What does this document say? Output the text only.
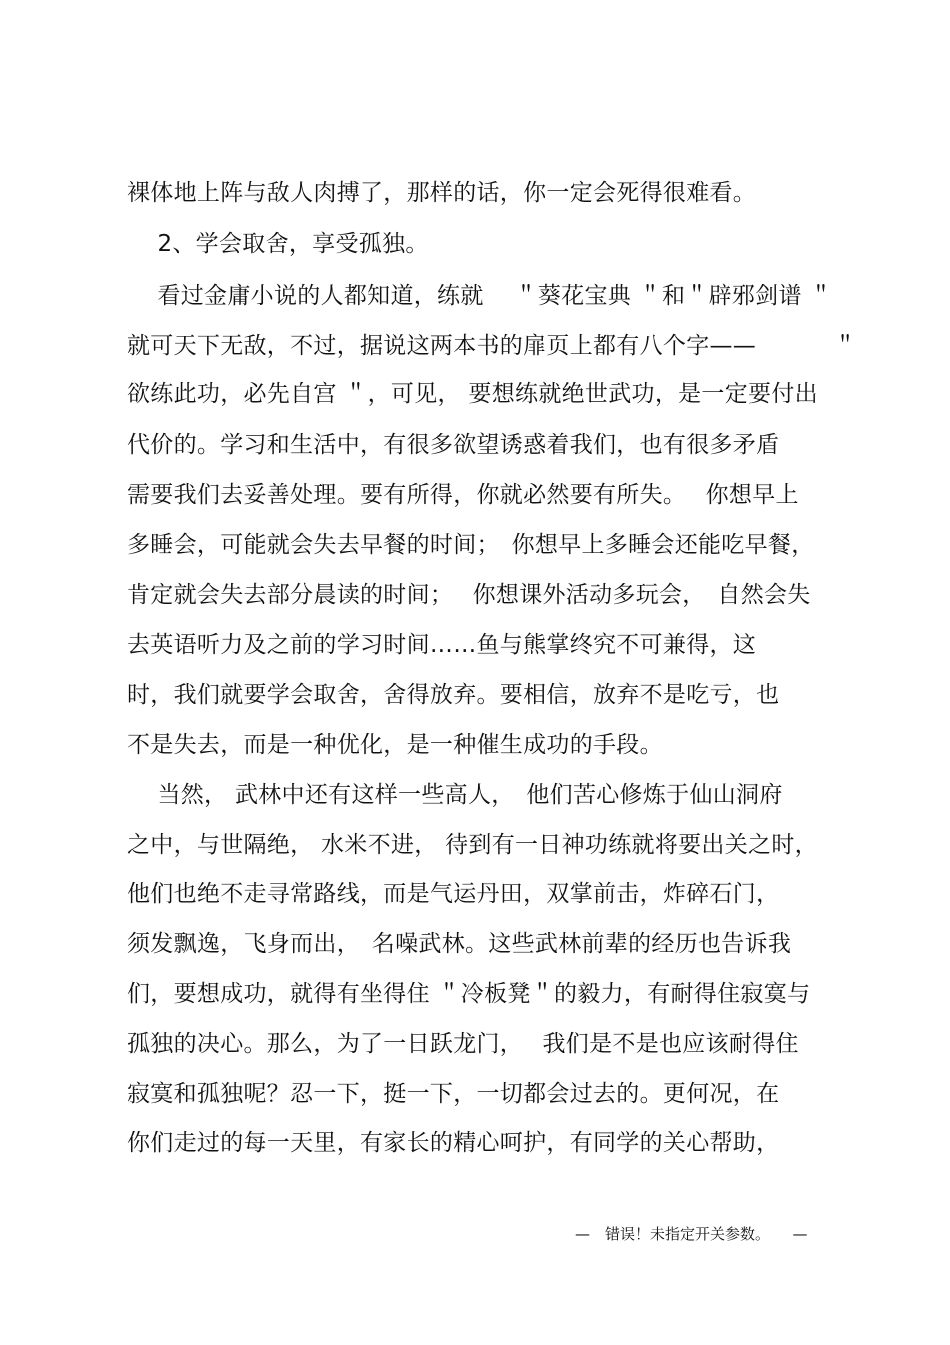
裸体地上阵与敌人肉搏了，那样的话，你一定会死得很难看。
2、学会取舍，享受孤独。
看过金庸小说的人都知道，练就　 ＂葵花宝典 ＂和＂辟邪剑谱 ＂
就可天下无敌，不过，据说这两本书的扉页上都有八个字——　　　 ＂
欲练此功，必先自宫 ＂，可见， 要想练就绝世武功，是一定要付出
代价的。学习和生活中，有很多欲望诱惑着我们，也有很多矛盾
需要我们去妥善处理。要有所得，你就必然要有所失。　 你想早上
多睡会，可能就会失去早餐的时间；　你想早上多睡会还能吃早餐，
肯定就会失去部分晨读的时间；　 你想课外活动多玩会，　自然会失
去英语听力及之前的学习时间……鱼与熊掌终究不可兼得，这
时，我们就要学会取舍，舍得放弃。要相信，放弃不是吃亏，也
不是失去，而是一种优化，是一种催生成功的手段。
当然， 武林中还有这样一些高人，　他们苦心修炼于仙山洞府
之中，与世隔绝， 水米不进， 待到有一日神功练就将要出关之时，
他们也绝不走寻常路线，而是气运丹田，双掌前击，炸碎石门，
须发飘逸，飞身而出，　名噪武林。这些武林前辈的经历也告诉我
们，要想成功，就得有坐得住 ＂冷板凳＂的毅力，有耐得住寂寞与
孤独的决心。那么，为了一日跃龙门，　 我们是不是也应该耐得住
寂寞和孤独呢？忍一下，挺一下，一切都会过去的。更何况，在
你们走过的每一天里，有家长的精心呵护，有同学的关心帮助，
—　错误！未指定开关参数。　　—
